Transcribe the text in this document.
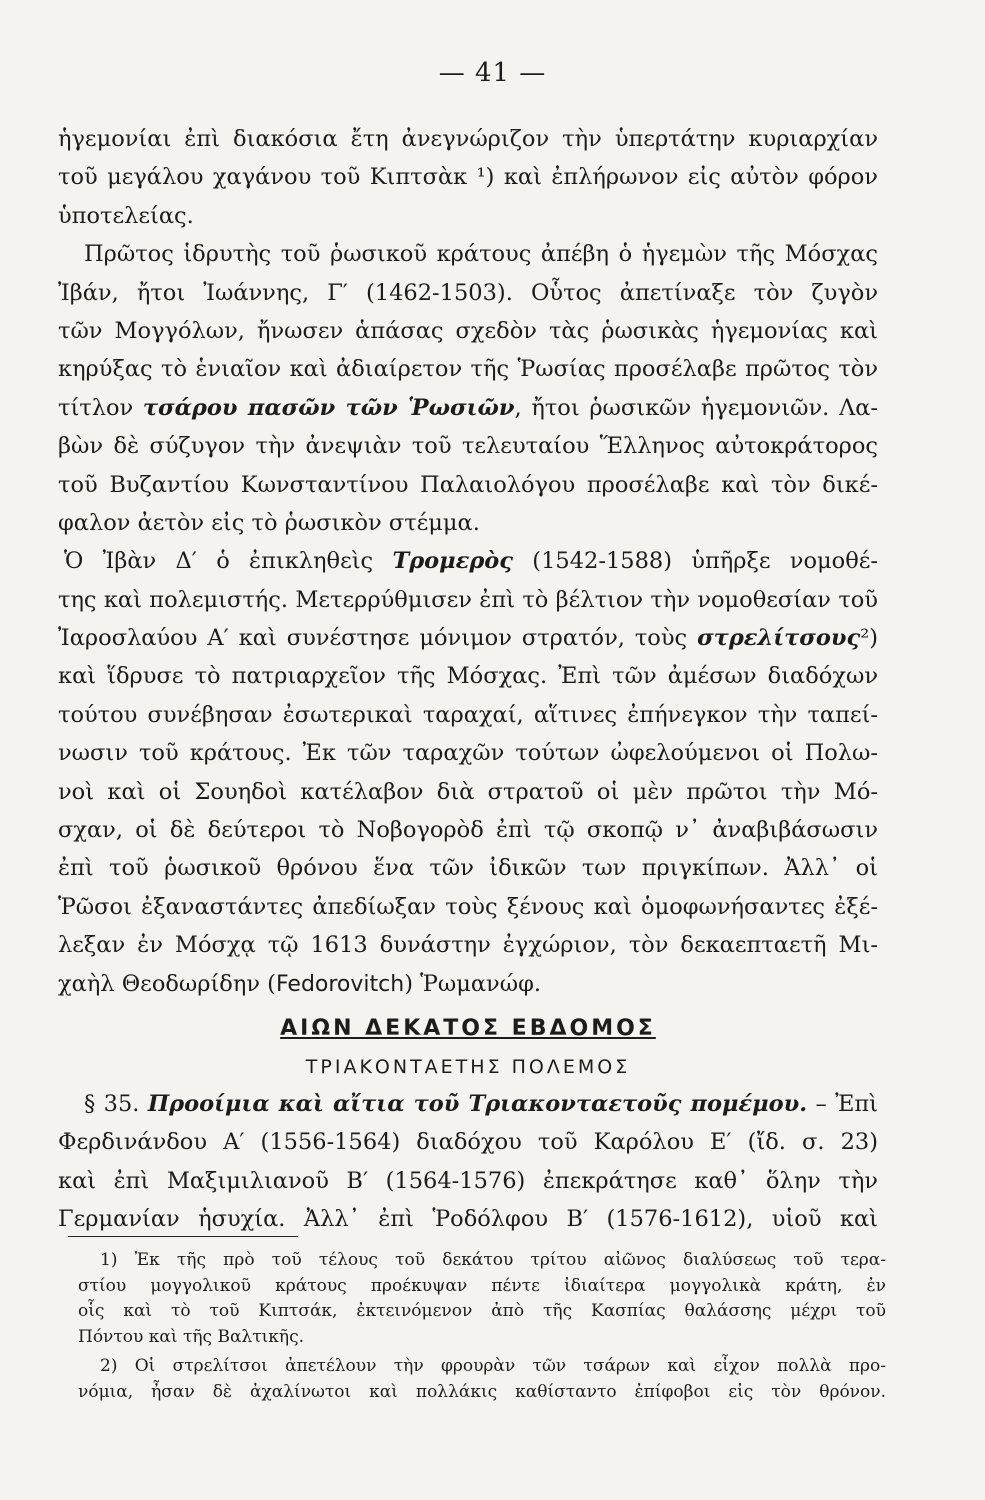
— 41 —
ἡγεμονίαι ἐπὶ διακόσια ἔτη ἀνεγνώριζον τὴν ὑπερτάτην κυριαρχίαν
τοῦ μεγάλου χαγάνου τοῦ Κιπτσὰκ ¹) καὶ ἐπλήρωνον εἰς αὐτὸν φόρον
ὑποτελείας.
Πρῶτος ἱδρυτὴς τοῦ ῥωσικοῦ κράτους ἀπέβη ὁ ἡγεμὼν τῆς Μόσχας
Ἰβάν, ἤτοι Ἰωάννης, Γ′ (1462-1503). Οὗτος ἀπετίναξε τὸν ζυγὸν
τῶν Μογγόλων, ἤνωσεν ἁπάσας σχεδὸν τὰς ῥωσικὰς ἡγεμονίας καὶ
κηρύξας τὸ ἑνιαῖον καὶ ἀδιαίρετον τῆς Ῥωσίας προσέλαβε πρῶτος τὸν
τίτλον τσάρου πασῶν τῶν Ῥωσιῶν, ἤτοι ῥωσικῶν ἡγεμονιῶν. Λα-
βὼν δὲ σύζυγον τὴν ἀνεψιὰν τοῦ τελευταίου Ἕλληνος αὐτοκράτορος
τοῦ Βυζαντίου Κωνσταντίνου Παλαιολόγου προσέλαβε καὶ τὸν δικέ-
φαλον ἀετὸν εἰς τὸ ῥωσικὸν στέμμα.
Ὁ Ἰβὰν Δ′ ὁ ἐπικληθεὶς Τρομερὸς (1542-1588) ὑπῆρξε νομοθέ-
της καὶ πολεμιστής. Μετερρύθμισεν ἐπὶ τὸ βέλτιον τὴν νομοθεσίαν τοῦ
Ἰαροσλαύου Α′ καὶ συνέστησε μόνιμον στρατόν, τοὺς στρελίτσους²)
καὶ ἵδρυσε τὸ πατριαρχεῖον τῆς Μόσχας. Ἐπὶ τῶν ἀμέσων διαδόχων
τούτου συνέβησαν ἐσωτερικαὶ ταραχαί, αἵτινες ἐπήνεγκον τὴν ταπεί-
νωσιν τοῦ κράτους. Ἐκ τῶν ταραχῶν τούτων ὠφελούμενοι οἱ Πολω-
νοὶ καὶ οἱ Σουηδοὶ κατέλαβον διὰ στρατοῦ οἱ μὲν πρῶτοι τὴν Μό-
σχαν, οἱ δὲ δεύτεροι τὸ Νοβογορὸδ ἐπὶ τῷ σκοπῷ ν᾽ ἀναβιβάσωσιν
ἐπὶ τοῦ ῥωσικοῦ θρόνου ἕνα τῶν ἰδικῶν των πριγκίπων. Ἀλλ᾽ οἱ
Ῥῶσοι ἐξαναστάντες ἀπεδίωξαν τοὺς ξένους καὶ ὁμοφωνήσαντες ἐξέ-
λεξαν ἐν Μόσχᾳ τῷ 1613 δυνάστην ἐγχώριον, τὸν δεκαεπταετῆ Μι-
χαὴλ Θεοδωρίδην (Fedorovitch) Ῥωμανώφ.
ΑΙΩΝ ΔΕΚΑΤΟΣ ΕΒΔΟΜΟΣ
ΤΡΙΑΚΟΝΤΑΕΤΗΣ ΠΟΛΕΜΟΣ
§ 35. Προοίμια καὶ αἴτια τοῦ Τριακονταετοῦς πομέμου. – Ἐπὶ
Φερδινάνδου Α′ (1556-1564) διαδόχου τοῦ Καρόλου Ε′ (ἴδ. σ. 23)
καὶ ἐπὶ Μαξιμιλιανοῦ Β′ (1564-1576) ἐπεκράτησε καθ᾽ ὅλην τὴν
Γερμανίαν ἡσυχία. Ἀλλ᾽ ἐπὶ Ῥοδόλφου Β′ (1576-1612), υἱοῦ καὶ
1) Ἐκ τῆς πρὸ τοῦ τέλους τοῦ δεκάτου τρίτου αἰῶνος διαλύσεως τοῦ τερα-
στίου μογγολικοῦ κράτους προέκυψαν πέντε ἰδιαίτερα μογγολικὰ κράτη, ἐν
οἷς καὶ τὸ τοῦ Κιπτσάκ, ἐκτεινόμενον ἀπὸ τῆς Κασπίας θαλάσσης μέχρι τοῦ
Πόντου καὶ τῆς Βαλτικῆς.
2) Οἱ στρελίτσοι ἀπετέλουν τὴν φρουρὰν τῶν τσάρων καὶ εἶχον πολλὰ προ-
νόμια, ἦσαν δὲ ἀχαλίνωτοι καὶ πολλάκις καθίσταντο ἐπίφοβοι εἰς τὸν θρόνον.
